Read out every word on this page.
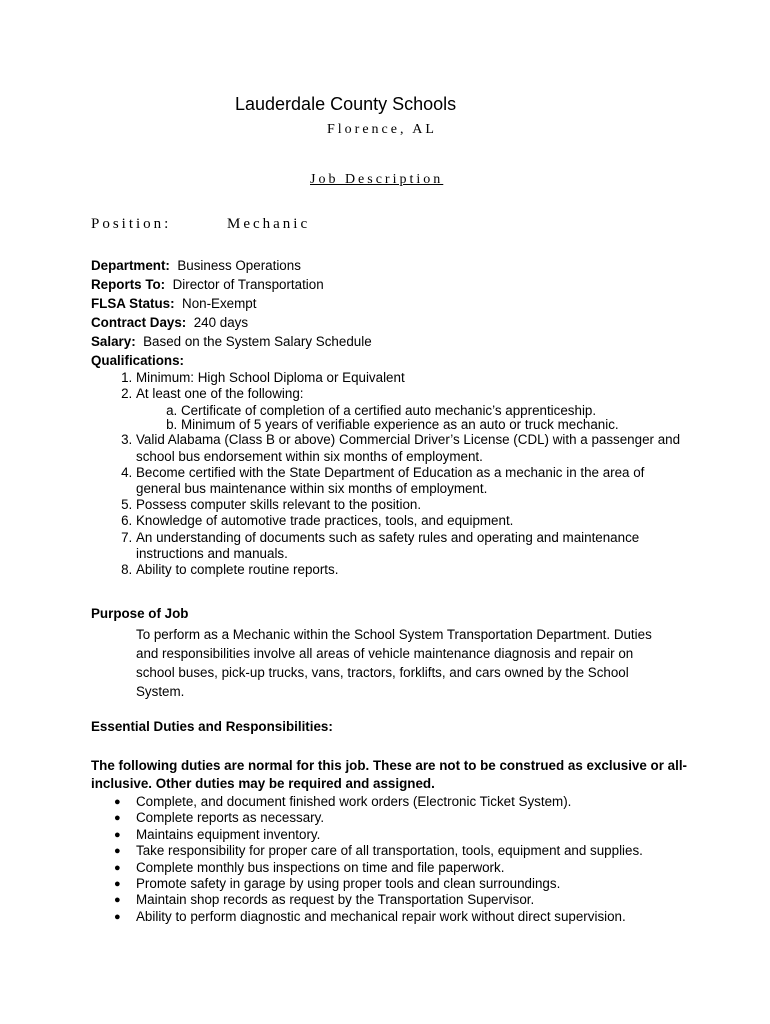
Lauderdale County Schools
Florence, AL
Job Description
Position:	Mechanic
Department: Business Operations
Reports To: Director of Transportation
FLSA Status: Non-Exempt
Contract Days: 240 days
Salary: Based on the System Salary Schedule
Qualifications:
1. Minimum: High School Diploma or Equivalent
2. At least one of the following:
a. Certificate of completion of a certified auto mechanic’s apprenticeship.
b. Minimum of 5 years of verifiable experience as an auto or truck mechanic.
3. Valid Alabama (Class B or above) Commercial Driver’s License (CDL) with a passenger and school bus endorsement within six months of employment.
4. Become certified with the State Department of Education as a mechanic in the area of general bus maintenance within six months of employment.
5. Possess computer skills relevant to the position.
6. Knowledge of automotive trade practices, tools, and equipment.
7. An understanding of documents such as safety rules and operating and maintenance instructions and manuals.
8. Ability to complete routine reports.
Purpose of Job
To perform as a Mechanic within the School System Transportation Department. Duties and responsibilities involve all areas of vehicle maintenance diagnosis and repair on school buses, pick-up trucks, vans, tractors, forklifts, and cars owned by the School System.
Essential Duties and Responsibilities:
The following duties are normal for this job. These are not to be construed as exclusive or all-inclusive. Other duties may be required and assigned.
● Complete, and document finished work orders (Electronic Ticket System).
● Complete reports as necessary.
● Maintains equipment inventory.
● Take responsibility for proper care of all transportation, tools, equipment and supplies.
● Complete monthly bus inspections on time and file paperwork.
● Promote safety in garage by using proper tools and clean surroundings.
● Maintain shop records as request by the Transportation Supervisor.
● Ability to perform diagnostic and mechanical repair work without direct supervision.
